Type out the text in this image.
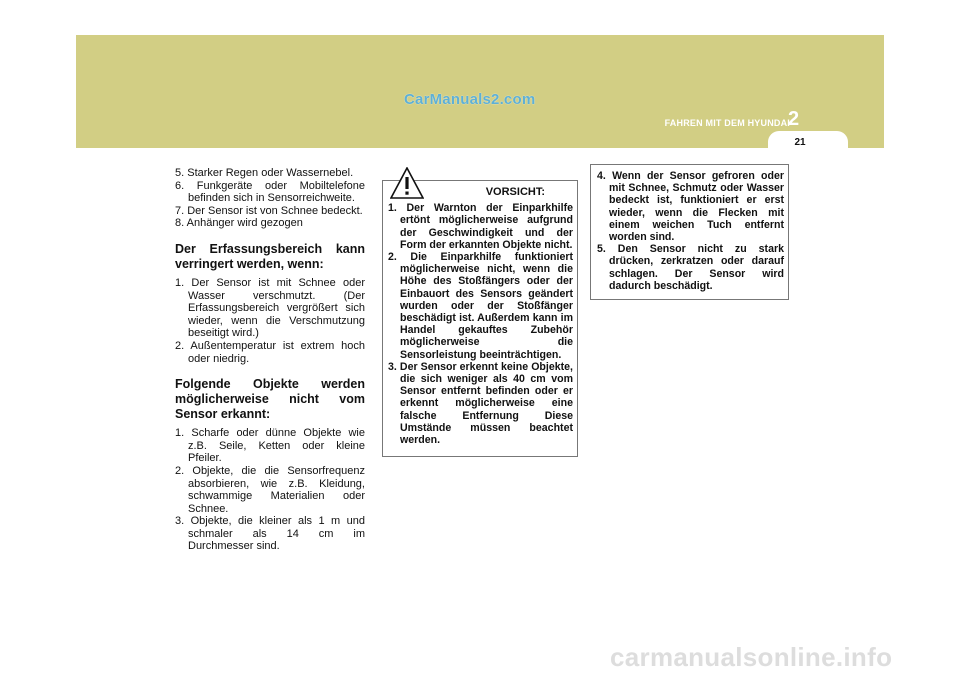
CarManuals2.com
FAHREN MIT DEM HYUNDAI
2
21
5. Starker Regen oder Wassernebel.
6. Funkgeräte oder Mobiltelefone befinden sich in Sensorreichweite.
7. Der Sensor ist von Schnee bedeckt.
8. Anhänger wird gezogen
Der Erfassungsbereich kann verringert werden, wenn:
1. Der Sensor ist mit Schnee oder Wasser verschmutzt. (Der Erfassungsbereich vergrößert sich wieder, wenn die Verschmutzung beseitigt wird.)
2. Außentemperatur ist extrem hoch oder niedrig.
Folgende Objekte werden möglicherweise nicht vom Sensor erkannt:
1. Scharfe oder dünne Objekte wie z.B. Seile, Ketten oder kleine Pfeiler.
2. Objekte, die die Sensorfrequenz absorbieren, wie z.B. Kleidung, schwammige Materialien oder Schnee.
3. Objekte, die kleiner als 1 m und schmaler als 14 cm im Durchmesser sind.
VORSICHT:
1. Der Warnton der Einparkhilfe ertönt möglicherweise aufgrund der Geschwindigkeit und der Form der erkannten Objekte nicht.
2. Die Einparkhilfe funktioniert möglicherweise nicht, wenn die Höhe des Stoßfängers oder der Einbauort des Sensors geändert wurden oder der Stoßfänger beschädigt ist. Außerdem kann im Handel gekauftes Zubehör möglicherweise die Sensorleistung beeinträchtigen.
3. Der Sensor erkennt keine Objekte, die sich weniger als 40 cm vom Sensor entfernt befinden oder er erkennt möglicherweise eine falsche Entfernung Diese Umstände müssen beachtet werden.
4. Wenn der Sensor gefroren oder mit Schnee, Schmutz oder Wasser bedeckt ist, funktioniert er erst wieder, wenn die Flecken mit einem weichen Tuch entfernt worden sind.
5. Den Sensor nicht zu stark drücken, zerkratzen oder darauf schlagen. Der Sensor wird dadurch beschädigt.
carmanualsonline.info
